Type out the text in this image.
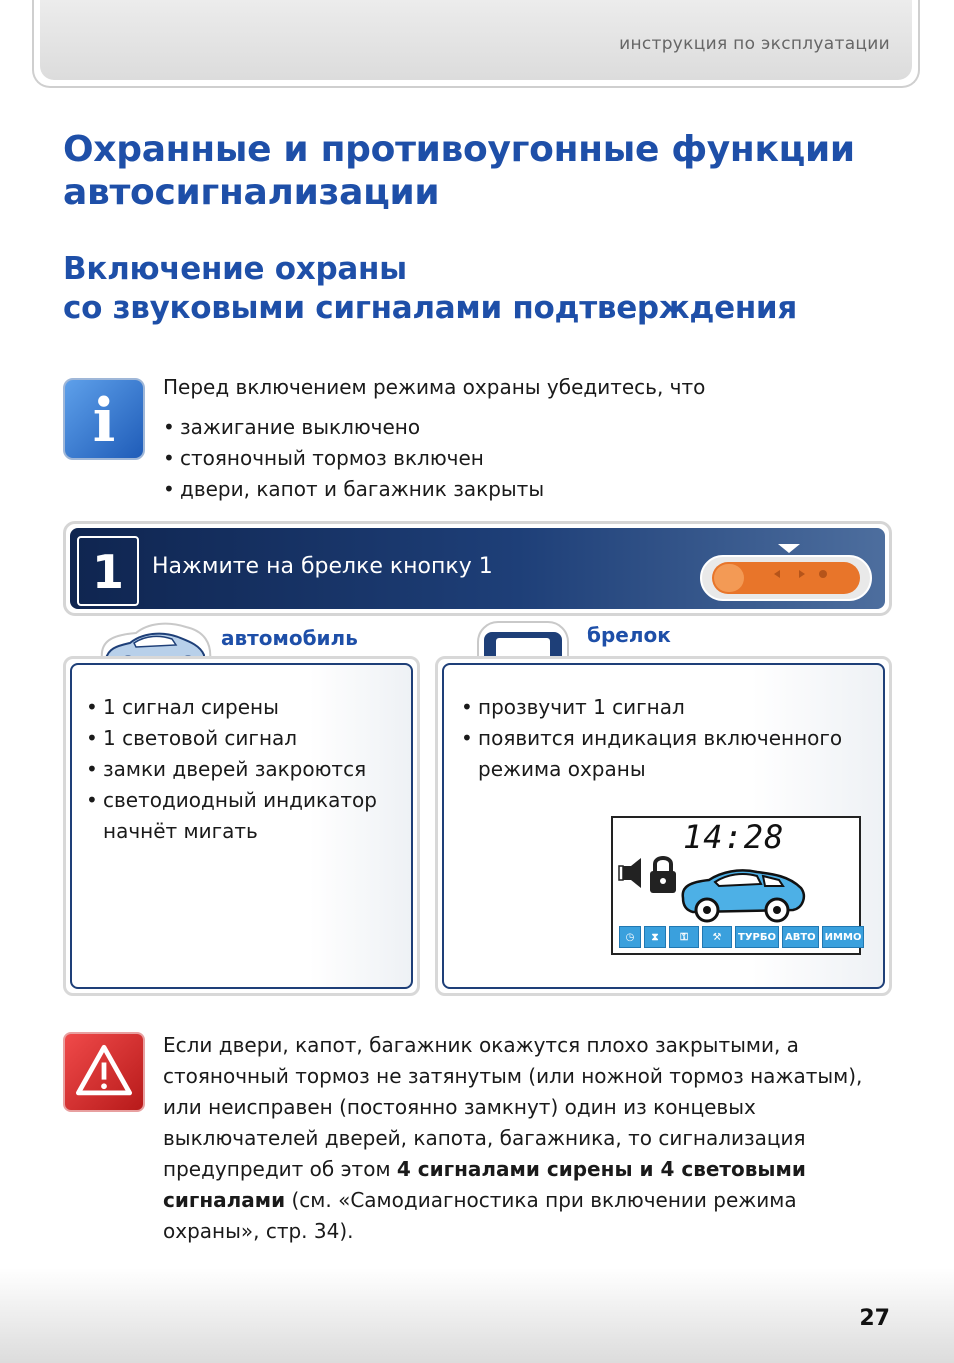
инструкция по эксплуатации
Охранные и противоугонные функции автосигнализации
Включение охраны
со звуковыми сигналами подтверждения
i	Перед включением режима охраны убедитесь, что
• зажигание выключено
• стояночный тормоз включен
• двери, капот и багажник закрыты
1	Нажмите на брелке кнопку 1
автомобиль	брелок
• 1 сигнал сирены
• 1 световой сигнал
• замки дверей закроются
• светодиодный индикатор начнёт мигать
• прозвучит 1 сигнал
• появится индикация включенного режима охраны
14:28
◷	⧗	⚿	⚒	ТУРБО АВТО ИММО
Если двери, капот, багажник окажутся плохо закрытыми, а стояночный тормоз не затянутым (или ножной тормоз нажатым), или неисправен (постоянно замкнут) один из концевых выключателей дверей, капота, багажника, то сигнализация предупредит об этом 4 сигналами сирены и 4 световыми сигналами (см. «Самодиагностика при включении режима охраны», стр. 34).
27
